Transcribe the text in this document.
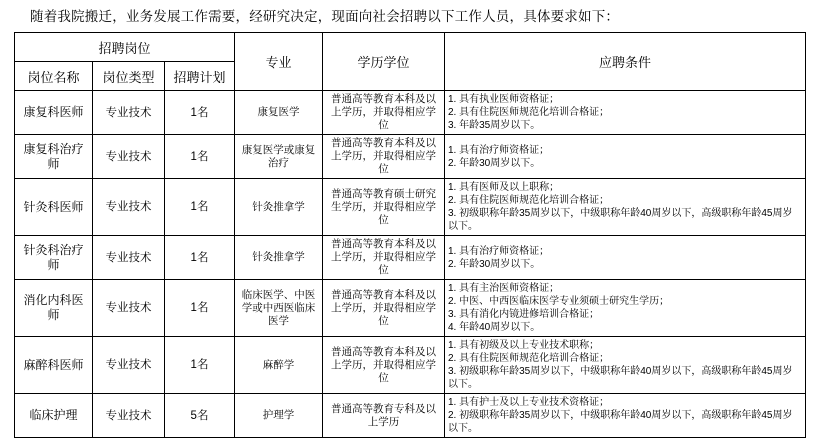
随着我院搬迁，业务发展工作需要，经研究决定，现面向社会招聘以下工作人员，具体要求如下：
招聘岗位			专业	学历学位	应聘条件
岗位名称	岗位类型	招聘计划			
康复科医师	专业技术	1名	康复医学	普通高等教育本科及以上学历，并取得相应学位	1. 具有执业医师资格证；
2. 具有住院医师规范化培训合格证；
3. 年龄35周岁以下。

康复科治疗师	专业技术	1名	康复医学或康复治疗	普通高等教育本科及以上学历，并取得相应学位	1. 具有治疗师资格证；
2. 年龄30周岁以下。

针灸科医师	专业技术	1名	针灸推拿学	普通高等教育硕士研究生学历，并取得相应学位	1. 具有医师及以上职称；
2. 具有住院医师规范化培训合格证；
3. 初级职称年龄35周岁以下，中级职称年龄40周岁以下，高级职称年龄45周岁以下。

针灸科治疗师	专业技术	1名	针灸推拿学	普通高等教育本科及以上学历，并取得相应学位	1. 具有治疗师资格证；
2. 年龄30周岁以下。

消化内科医师	专业技术	1名	临床医学、中医学或中西医临床医学	普通高等教育本科及以上学历，并取得相应学位	1. 具有主治医师资格证；
2. 中医、中西医临床医学专业须硕士研究生学历；
3. 具有消化内镜进修培训合格证；
4. 年龄40周岁以下。

麻醉科医师	专业技术	1名	麻醉学	普通高等教育本科及以上学历，并取得相应学位	1. 具有初级及以上专业技术职称；
2. 具有住院医师规范化培训合格证；
3. 初级职称年龄35周岁以下，中级职称年龄40周岁以下，高级职称年龄45周岁以下。

临床护理	专业技术	5名	护理学	普通高等教育专科及以上学历	1. 具有护士及以上专业技术资格证；
2. 初级职称年龄35周岁以下，中级职称年龄40周岁以下，高级职称年龄45周岁以下。
